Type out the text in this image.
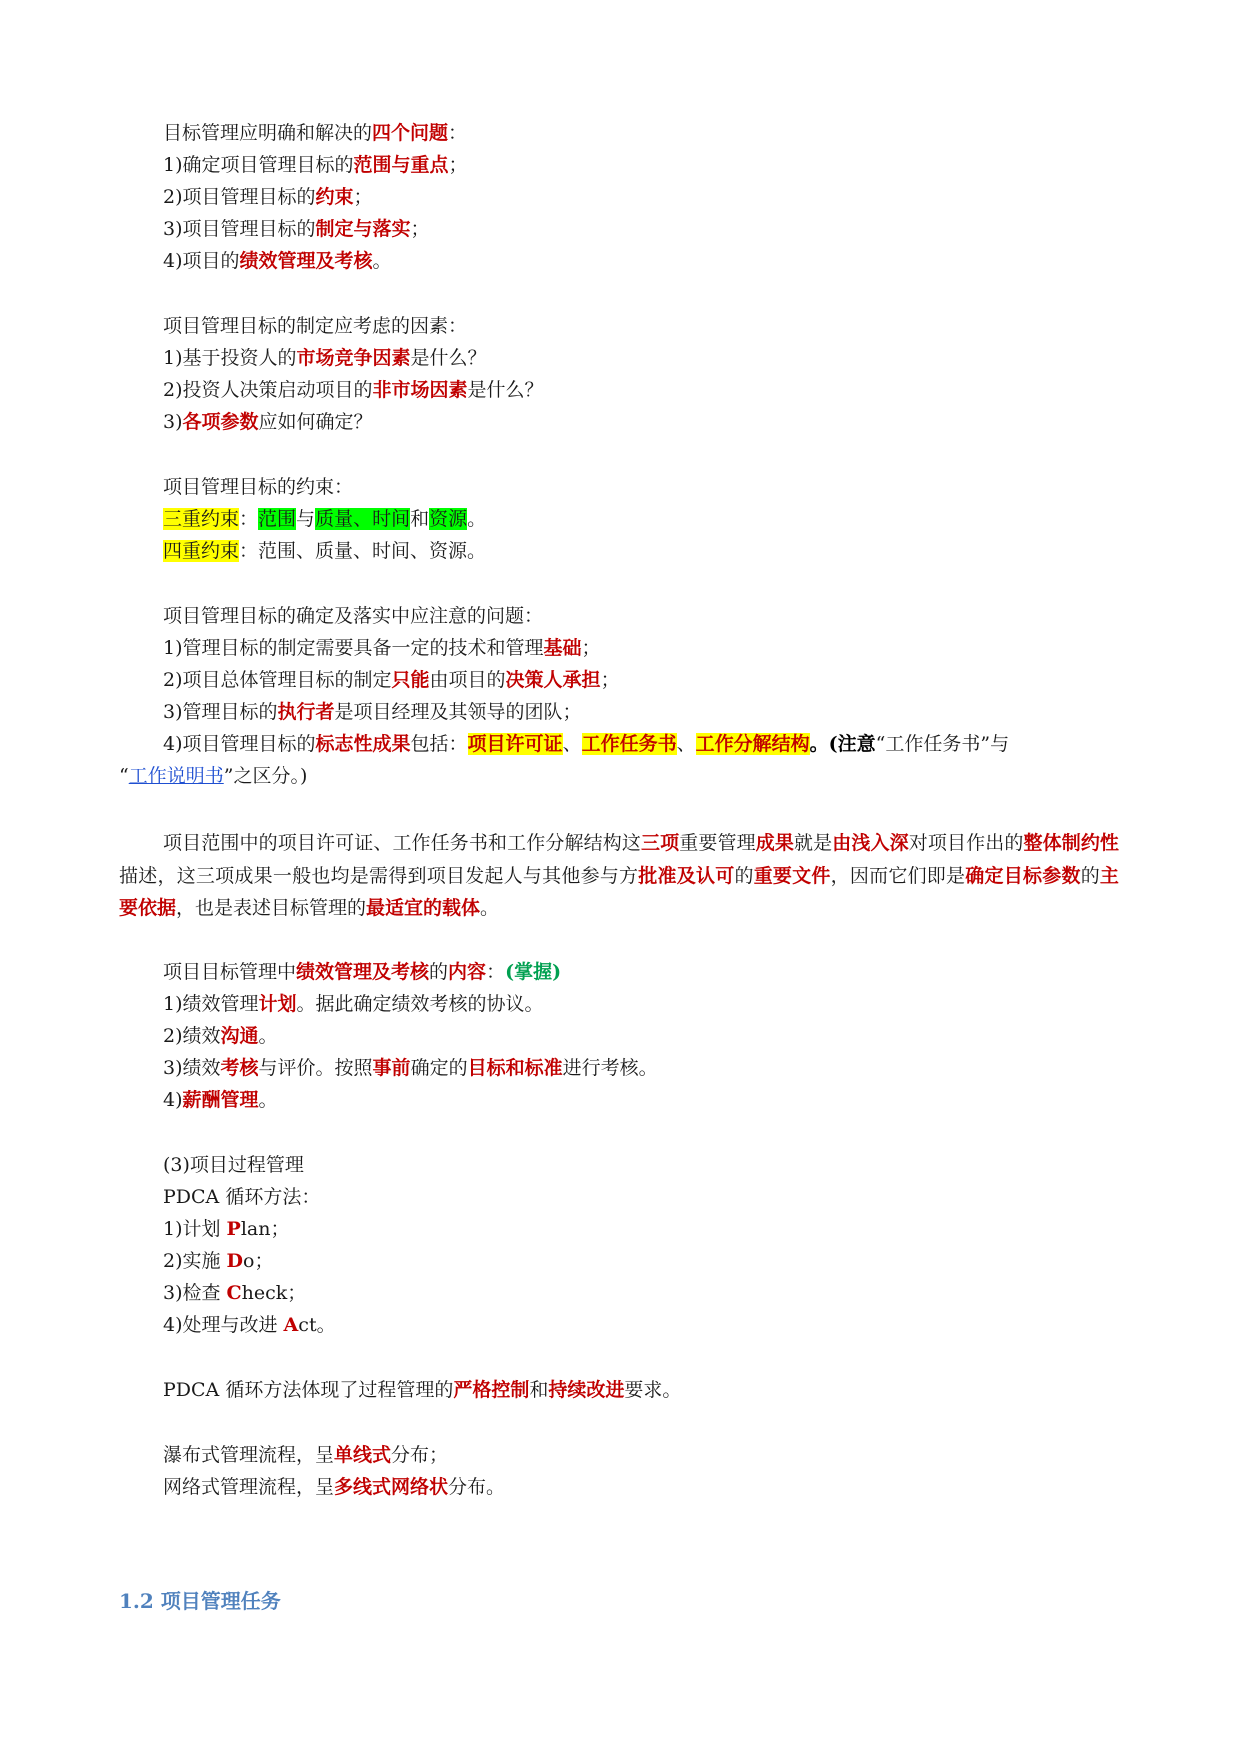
目标管理应明确和解决的四个问题：
1)确定项目管理目标的范围与重点；
2)项目管理目标的约束；
3)项目管理目标的制定与落实；
4)项目的绩效管理及考核。
项目管理目标的制定应考虑的因素：
1)基于投资人的市场竞争因素是什么？
2)投资人决策启动项目的非市场因素是什么？
3)各项参数应如何确定？
项目管理目标的约束：
三重约束：范围与质量、时间和资源。
四重约束：范围、质量、时间、资源。
项目管理目标的确定及落实中应注意的问题：
1)管理目标的制定需要具备一定的技术和管理基础；
2)项目总体管理目标的制定只能由项目的决策人承担；
3)管理目标的执行者是项目经理及其领导的团队；
4)项目管理目标的标志性成果包括：项目许可证、工作任务书、工作分解结构。(注意“工作任务书”与
“工作说明书”之区分。)
项目范围中的项目许可证、工作任务书和工作分解结构这三项重要管理成果就是由浅入深对项目作出的整体制约性描述，这三项成果一般也均是需得到项目发起人与其他参与方批准及认可的重要文件，因而它们即是确定目标参数的主要依据，也是表述目标管理的最适宜的载体。
项目目标管理中绩效管理及考核的内容：(掌握)
1)绩效管理计划。据此确定绩效考核的协议。
2)绩效沟通。
3)绩效考核与评价。按照事前确定的目标和标准进行考核。
4)薪酬管理。
(3)项目过程管理
PDCA 循环方法：
1)计划 Plan；
2)实施 Do；
3)检查 Check；
4)处理与改进 Act。
PDCA 循环方法体现了过程管理的严格控制和持续改进要求。
瀑布式管理流程，呈单线式分布；
网络式管理流程，呈多线式网络状分布。
1.2 项目管理任务
